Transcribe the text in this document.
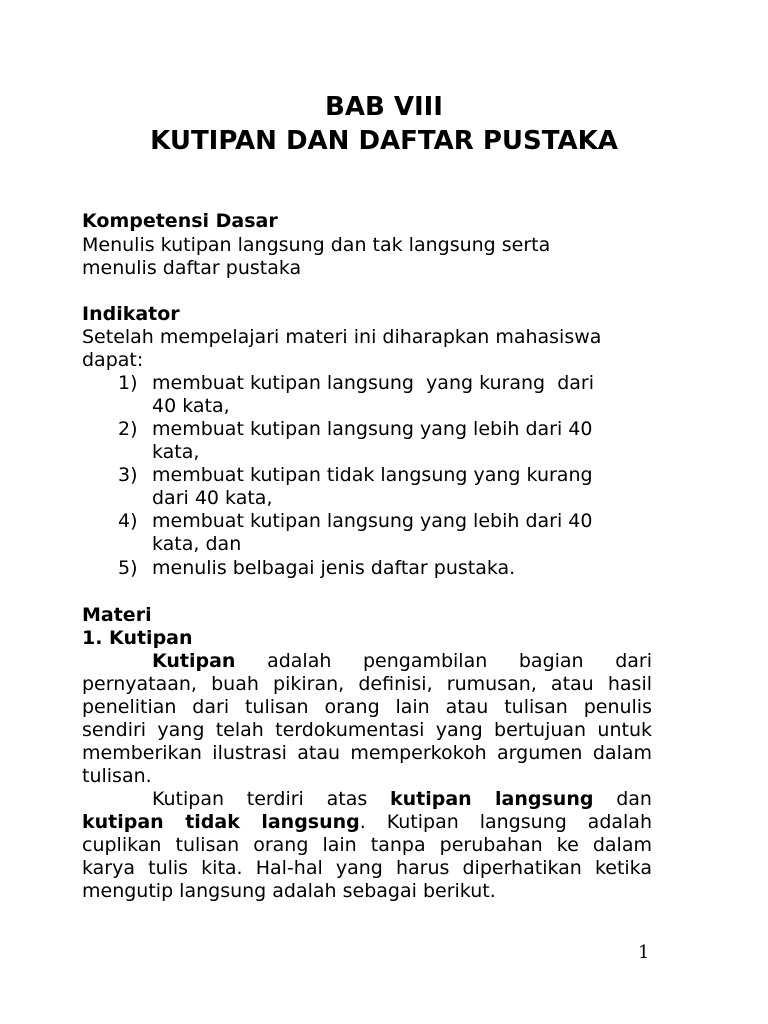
BAB VIII
KUTIPAN DAN DAFTAR PUSTAKA
Kompetensi Dasar
Menulis kutipan langsung dan tak langsung serta
menulis daftar pustaka
Indikator
Setelah mempelajari materi ini diharapkan mahasiswa
dapat:
1) membuat kutipan langsung  yang kurang  dari
40 kata,
2) membuat kutipan langsung yang lebih dari 40
kata,
3) membuat kutipan tidak langsung yang kurang
dari 40 kata,
4) membuat kutipan langsung yang lebih dari 40
kata, dan
5) menulis belbagai jenis daftar pustaka.
Materi
1. Kutipan

Kutipan adalah pengambilan bagian dari pernyataan, buah pikiran, definisi, rumusan, atau hasil penelitian dari tulisan orang lain atau tulisan penulis sendiri yang telah terdokumentasi yang bertujuan untuk memberikan ilustrasi atau memperkokoh argumen dalam tulisan.

Kutipan terdiri atas kutipan langsung dan kutipan tidak langsung. Kutipan langsung adalah cuplikan tulisan orang lain tanpa perubahan ke dalam karya tulis kita. Hal-hal yang harus diperhatikan ketika mengutip langsung adalah sebagai berikut.

1
